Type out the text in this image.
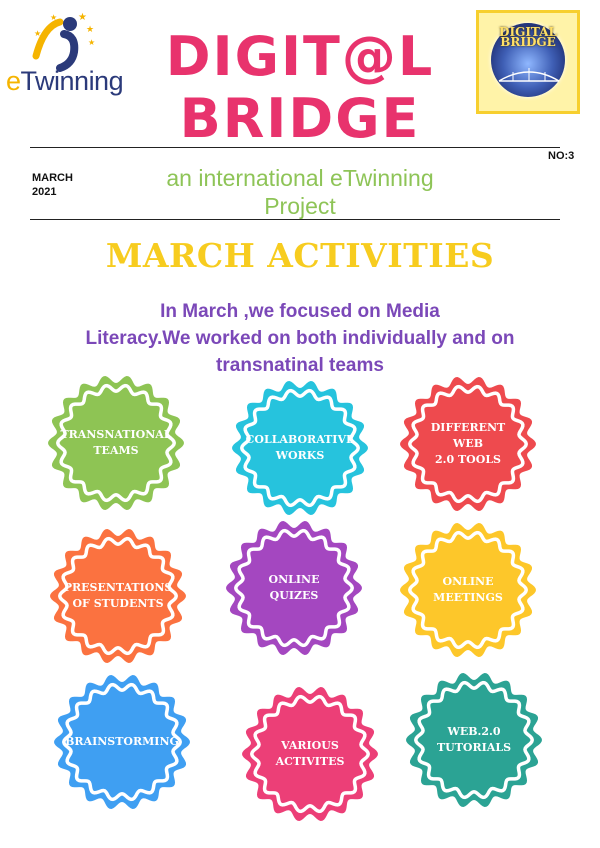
★
★
★
★
★
eTwinning DIGIT@L
BRIDGE
DIGITAL
BRIDGE
NO:3
MARCH
2021
an international eTwinning Project
MARCH ACTIVITIES
In March ,we focused on Media
Literacy.We worked on both individually and on
transnatinal teams
TRANSNATIONAL
TEAMS
COLLABORATIVE
WORKS
DIFFERENT WEB
2.0 TOOLS
PRESENTATIONS
OF STUDENTS
ONLINE
QUIZES
ONLINE
MEETINGS
BRAINSTORMING	VARIOUS
ACTIVITES
WEB.2.0
TUTORIALS
